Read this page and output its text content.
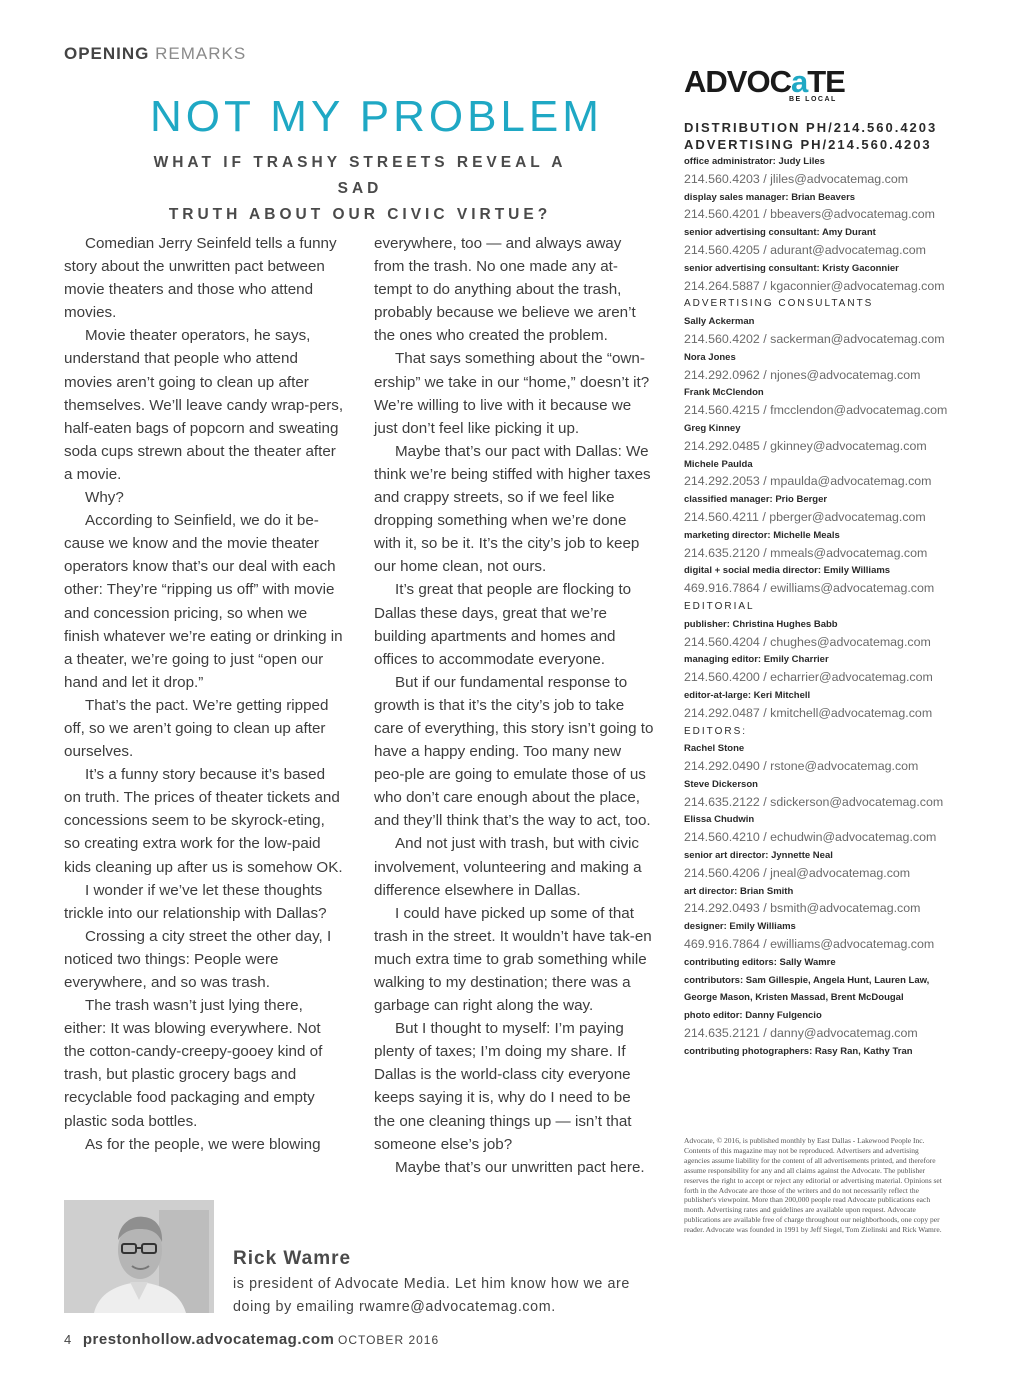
OPENING REMARKS
NOT MY PROBLEM
WHAT IF TRASHY STREETS REVEAL A SAD
TRUTH ABOUT OUR CIVIC VIRTUE?

Comedian Jerry Seinfeld tells a funny story about the unwritten pact between movie theaters and those who attend movies.

Movie theater operators, he says, understand that people who attend movies aren’t going to clean up after themselves. We’ll leave candy wrap-pers, half-eaten bags of popcorn and sweating soda cups strewn about the theater after a movie.

Why?

According to Seinfield, we do it be-cause we know and the movie theater operators know that’s our deal with each other: They’re “ripping us off” with movie and concession pricing, so when we finish whatever we’re eating or drinking in a theater, we’re going to just “open our hand and let it drop.”

That’s the pact. We’re getting ripped off, so we aren’t going to clean up after ourselves.

It’s a funny story because it’s based on truth. The prices of theater tickets and concessions seem to be skyrock-eting, so creating extra work for the low-paid kids cleaning up after us is somehow OK.

I wonder if we’ve let these thoughts trickle into our relationship with Dallas?

Crossing a city street the other day, I noticed two things: People were everywhere, and so was trash.

The trash wasn’t just lying there, either: It was blowing everywhere. Not the cotton-candy-creepy-gooey kind of trash, but plastic grocery bags and recyclable food packaging and empty plastic soda bottles.

As for the people, we were blowing

everywhere, too — and always away from the trash. No one made any at-tempt to do anything about the trash, probably because we believe we aren’t the ones who created the problem.

That says something about the “own-ership” we take in our “home,” doesn’t it? We’re willing to live with it because we just don’t feel like picking it up.

Maybe that’s our pact with Dallas: We think we’re being stiffed with higher taxes and crappy streets, so if we feel like dropping something when we’re done with it, so be it. It’s the city’s job to keep our home clean, not ours.

It’s great that people are flocking to Dallas these days, great that we’re building apartments and homes and offices to accommodate everyone.

But if our fundamental response to growth is that it’s the city’s job to take care of everything, this story isn’t going to have a happy ending. Too many new peo-ple are going to emulate those of us who don’t care enough about the place, and they’ll think that’s the way to act, too.

And not just with trash, but with civic involvement, volunteering and making a difference elsewhere in Dallas.

I could have picked up some of that trash in the street. It wouldn’t have tak-en much extra time to grab something while walking to my destination; there was a garbage can right along the way.

But I thought to myself: I’m paying plenty of taxes; I’m doing my share. If Dallas is the world-class city everyone keeps saying it is, why do I need to be the one cleaning things up — isn’t that someone else’s job?

Maybe that’s our unwritten pact here.

Rick Wamre
is president of Advocate Media. Let him know how we are doing by emailing rwamre@advocatemag.com.
4 prestonhollow.advocatemag.com OCTOBER 2016
ADVOCaTE
BE LOCAL
DISTRIBUTION PH/214.560.4203
ADVERTISING PH/214.560.4203
office administrator: Judy Liles
214.560.4203 / jliles@advocatemag.com
display sales manager: Brian Beavers
214.560.4201 / bbeavers@advocatemag.com
senior advertising consultant: Amy Durant
214.560.4205 / adurant@advocatemag.com
senior advertising consultant: Kristy Gaconnier
214.264.5887 / kgaconnier@advocatemag.com
ADVERTISING CONSULTANTS
Sally Ackerman
214.560.4202 / sackerman@advocatemag.com
Nora Jones
214.292.0962 / njones@advocatemag.com
Frank McClendon
214.560.4215 / fmcclendon@advocatemag.com
Greg Kinney
214.292.0485 / gkinney@advocatemag.com
Michele Paulda
214.292.2053 / mpaulda@advocatemag.com
classified manager: Prio Berger
214.560.4211 / pberger@advocatemag.com
marketing director: Michelle Meals
214.635.2120 / mmeals@advocatemag.com
digital + social media director: Emily Williams
469.916.7864 / ewilliams@advocatemag.com
EDITORIAL
publisher: Christina Hughes Babb
214.560.4204 / chughes@advocatemag.com
managing editor: Emily Charrier
214.560.4200 / echarrier@advocatemag.com
editor-at-large: Keri Mitchell
214.292.0487 / kmitchell@advocatemag.com
EDITORS:
Rachel Stone
214.292.0490 / rstone@advocatemag.com
Steve Dickerson
214.635.2122 / sdickerson@advocatemag.com
Elissa Chudwin
214.560.4210 / echudwin@advocatemag.com
senior art director: Jynnette Neal
214.560.4206 / jneal@advocatemag.com
art director: Brian Smith
214.292.0493 / bsmith@advocatemag.com
designer: Emily Williams
469.916.7864 / ewilliams@advocatemag.com
contributing editors: Sally Wamre
contributors: Sam Gillespie, Angela Hunt, Lauren Law,
George Mason, Kristen Massad, Brent McDougal
photo editor: Danny Fulgencio
214.635.2121 / danny@advocatemag.com
contributing photographers: Rasy Ran, Kathy Tran
Advocate, © 2016, is published monthly by East Dallas - Lakewood People Inc. Contents of this magazine may not be reproduced. Advertisers and advertising agencies assume liability for the content of all advertisements printed, and therefore assume responsibility for any and all claims against the Advocate. The publisher reserves the right to accept or reject any editorial or advertising material. Opinions set forth in the Advocate are those of the writers and do not necessarily reflect the publisher's viewpoint. More than 200,000 people read Advocate publications each month. Advertising rates and guidelines are available upon request. Advocate publications are available free of charge throughout our neighborhoods, one copy per reader. Advocate was founded in 1991 by Jeff Siegel, Tom Zielinski and Rick Wamre.
